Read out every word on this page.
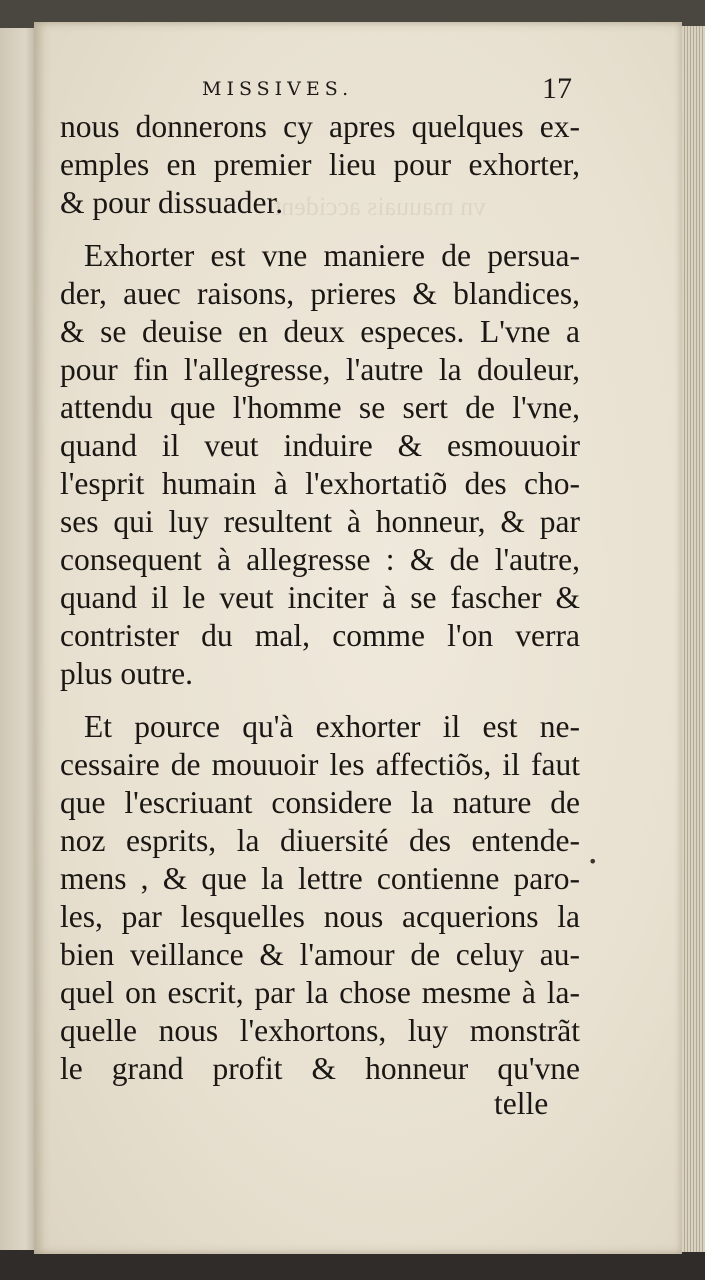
vn mauuais accident
MISSIVES.	17
nous donnerons cy apres quelques ex-
emples en premier lieu pour exhorter,
& pour dissuader.
Exhorter est vne maniere de persua-
der, auec raisons, prieres & blandices,
& se deuise en deux especes. L'vne a
pour fin l'allegresse, l'autre la douleur,
attendu que l'homme se sert de l'vne,
quand il veut induire & esmouuoir
l'esprit humain à l'exhortatiõ des cho-
ses qui luy resultent à honneur, & par
consequent à allegresse : & de l'autre,
quand il le veut inciter à se fascher &
contrister du mal, comme l'on verra
plus outre.
Et pource qu'à exhorter il est ne-
cessaire de mouuoir les affectiõs, il faut
que l'escriuant considere la nature de
noz esprits, la diuersité des entende-
mens , & que la lettre contienne paro-
les, par lesquelles nous acquerions la
bien veillance & l'amour de celuy au-
quel on escrit, par la chose mesme à la-
quelle nous l'exhortons, luy monstrãt
le grand profit & honneur qu'vne
telle
•
